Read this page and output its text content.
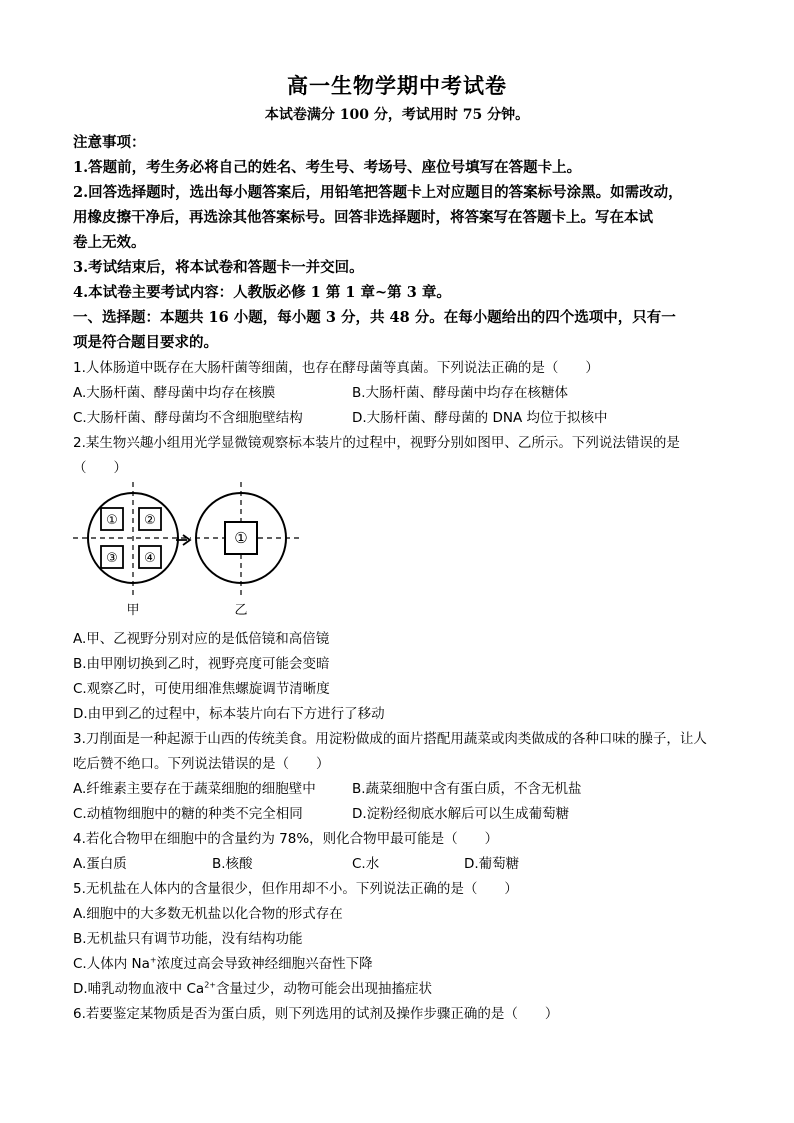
高一生物学期中考试卷
本试卷满分 100 分，考试用时 75 分钟。
注意事项：
1.答题前，考生务必将自己的姓名、考生号、考场号、座位号填写在答题卡上。
2.回答选择题时，选出每小题答案后，用铅笔把答题卡上对应题目的答案标号涂黑。如需改动，
用橡皮擦干净后，再选涂其他答案标号。回答非选择题时，将答案写在答题卡上。写在本试
卷上无效。
3.考试结束后，将本试卷和答题卡一并交回。
4.本试卷主要考试内容：人教版必修 1 第 1 章~第 3 章。
一、选择题：本题共 16 小题，每小题 3 分，共 48 分。在每小题给出的四个选项中，只有一
项是符合题目要求的。
1.人体肠道中既存在大肠杆菌等细菌，也存在酵母菌等真菌。下列说法正确的是（　　）
A.大肠杆菌、酵母菌中均存在核膜	B.大肠杆菌、酵母菌中均存在核糖体
C.大肠杆菌、酵母菌均不含细胞壁结构	D.大肠杆菌、酵母菌的 DNA 均位于拟核中
2.某生物兴趣小组用光学显微镜观察标本装片的过程中，视野分别如图甲、乙所示。下列说法错误的是
（　　）
① ②
③ ④
甲
①
乙
A.甲、乙视野分别对应的是低倍镜和高倍镜
B.由甲刚切换到乙时，视野亮度可能会变暗
C.观察乙时，可使用细准焦螺旋调节清晰度
D.由甲到乙的过程中，标本装片向右下方进行了移动
3.刀削面是一种起源于山西的传统美食。用淀粉做成的面片搭配用蔬菜或肉类做成的各种口味的臊子，让人
吃后赞不绝口。下列说法错误的是（　　）
A.纤维素主要存在于蔬菜细胞的细胞壁中	B.蔬菜细胞中含有蛋白质，不含无机盐
C.动植物细胞中的糖的种类不完全相同	D.淀粉经彻底水解后可以生成葡萄糖
4.若化合物甲在细胞中的含量约为 78%，则化合物甲最可能是（　　）
A.蛋白质	B.核酸	C.水	D.葡萄糖
5.无机盐在人体内的含量很少，但作用却不小。下列说法正确的是（　　）
A.细胞中的大多数无机盐以化合物的形式存在
B.无机盐只有调节功能，没有结构功能
C.人体内 Na+浓度过高会导致神经细胞兴奋性下降
D.哺乳动物血液中 $Ca^{2+}$含量过少，动物可能会出现抽搐症状
6.若要鉴定某物质是否为蛋白质，则下列选用的试剂及操作步骤正确的是（　　）
